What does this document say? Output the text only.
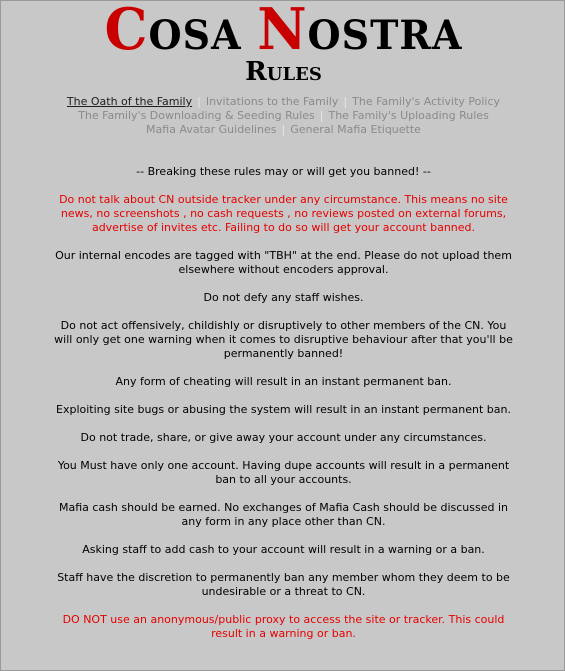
COSA NOSTRA
Rules
The Oath of the Family | Invitations to the Family | The Family's Activity Policy
The Family's Downloading & Seeding Rules | The Family's Uploading Rules
Mafia Avatar Guidelines | General Mafia Etiquette

-- Breaking these rules may or will get you banned! --

Do not talk about CN outside tracker under any circumstance. This means no site news, no screenshots , no cash requests , no reviews posted on external forums, advertise of invites etc. Failing to do so will get your account banned.

Our internal encodes are tagged with "TBH" at the end. Please do not upload them elsewhere without encoders approval.

Do not defy any staff wishes.

Do not act offensively, childishly or disruptively to other members of the CN. You will only get one warning when it comes to disruptive behaviour after that you'll be permanently banned!

Any form of cheating will result in an instant permanent ban.

Exploiting site bugs or abusing the system will result in an instant permanent ban.

Do not trade, share, or give away your account under any circumstances.

You Must have only one account. Having dupe accounts will result in a permanent ban to all your accounts.

Mafia cash should be earned. No exchanges of Mafia Cash should be discussed in any form in any place other than CN.

Asking staff to add cash to your account will result in a warning or a ban.

Staff have the discretion to permanently ban any member whom they deem to be undesirable or a threat to CN.

DO NOT use an anonymous/public proxy to access the site or tracker. This could result in a warning or ban.
